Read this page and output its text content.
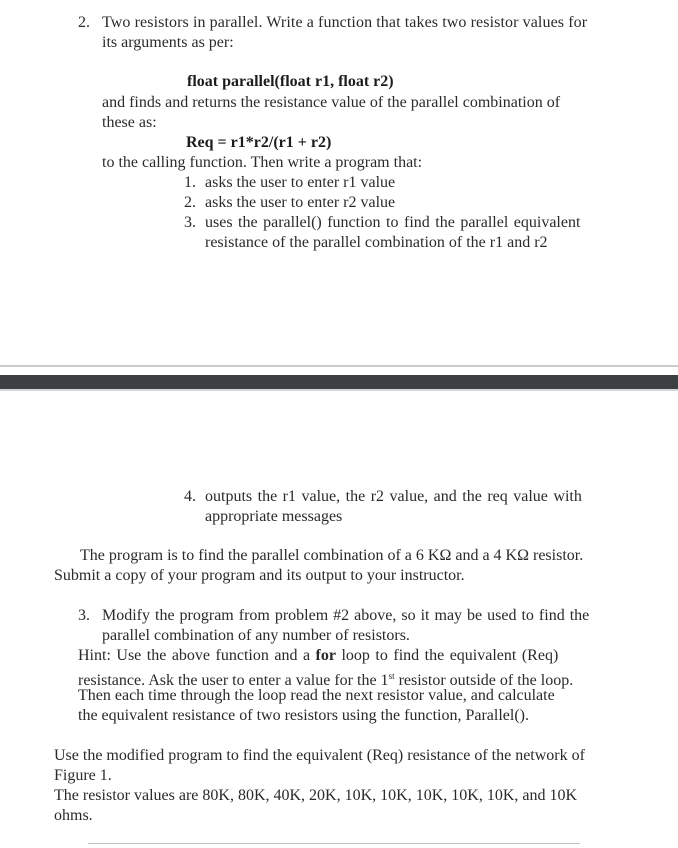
2. Two resistors in parallel. Write a function that takes two resistor values for
its arguments as per:
float parallel(float r1, float r2)
and finds and returns the resistance value of the parallel combination of
these as:
Req = r1*r2/(r1 + r2)
to the calling function. Then write a program that:
1. asks the user to enter r1 value
2. asks the user to enter r2 value
3. uses the parallel() function to find the parallel equivalent
resistance of the parallel combination of the r1 and r2
4. outputs the r1 value, the r2 value, and the req value with
appropriate messages
The program is to find the parallel combination of a 6 KΩ and a 4 KΩ resistor.
Submit a copy of your program and its output to your instructor.
3. Modify the program from problem #2 above, so it may be used to find the
parallel combination of any number of resistors.
Hint: Use the above function and a for loop to find the equivalent (Req)
resistance. Ask the user to enter a value for the 1st resistor outside of the loop.
Then each time through the loop read the next resistor value, and calculate
the equivalent resistance of two resistors using the function, Parallel().
Use the modified program to find the equivalent (Req) resistance of the network of
Figure 1.
The resistor values are 80K, 80K, 40K, 20K, 10K, 10K, 10K, 10K, 10K, and 10K
ohms.
